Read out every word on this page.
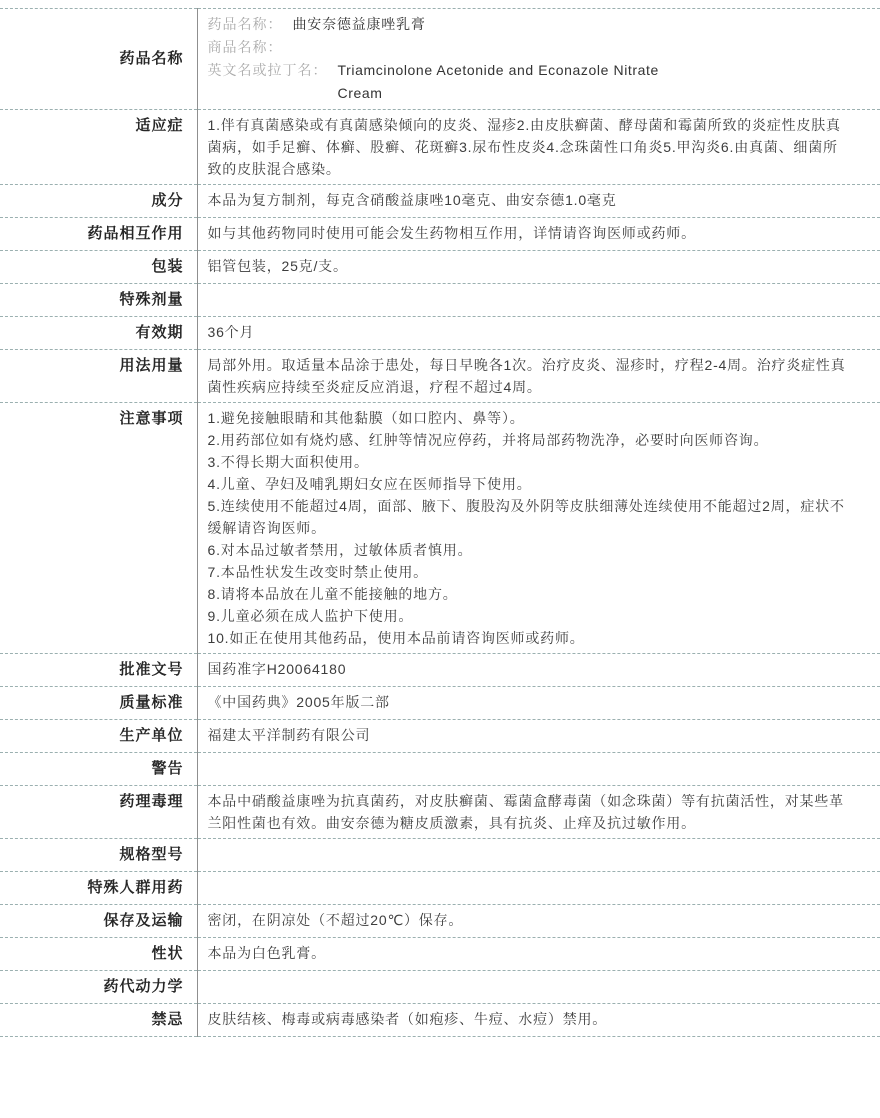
药品名称	药品名称： 曲安奈德益康唑乳膏
商品名称：
英文名或拉丁名： Triamcinolone Acetonide and Econazole Nitrate Cream

适应症	1.伴有真菌感染或有真菌感染倾向的皮炎、湿疹2.由皮肤癣菌、酵母菌和霉菌所致的炎症性皮肤真菌病，如手足癣、体癣、股癣、花斑癣3.尿布性皮炎4.念珠菌性口角炎5.甲沟炎6.由真菌、细菌所致的皮肤混合感染。
成分	本品为复方制剂，每克含硝酸益康唑10毫克、曲安奈德1.0毫克
药品相互作用	如与其他药物同时使用可能会发生药物相互作用，详情请咨询医师或药师。
包装	铝管包装，25克/支。
特殊剂量	
有效期	36个月
用法用量	局部外用。取适量本品涂于患处，每日早晚各1次。治疗皮炎、湿疹时，疗程2-4周。治疗炎症性真菌性疾病应持续至炎症反应消退，疗程不超过4周。
注意事项	1.避免接触眼睛和其他黏膜（如口腔内、鼻等）。
2.用药部位如有烧灼感、红肿等情况应停药，并将局部药物洗净，必要时向医师咨询。
3.不得长期大面积使用。
4.儿童、孕妇及哺乳期妇女应在医师指导下使用。
5.连续使用不能超过4周，面部、腋下、腹股沟及外阴等皮肤细薄处连续使用不能超过2周，症状不缓解请咨询医师。
6.对本品过敏者禁用，过敏体质者慎用。
7.本品性状发生改变时禁止使用。
8.请将本品放在儿童不能接触的地方。
9.儿童必须在成人监护下使用。
10.如正在使用其他药品，使用本品前请咨询医师或药师。

批准文号	国药准字H20064180
质量标准	《中国药典》2005年版二部
生产单位	福建太平洋制药有限公司
警告	
药理毒理	本品中硝酸益康唑为抗真菌药，对皮肤癣菌、霉菌盒酵毒菌（如念珠菌）等有抗菌活性，对某些革兰阳性菌也有效。曲安奈德为糖皮质激素，具有抗炎、止痒及抗过敏作用。
规格型号	
特殊人群用药	
保存及运输	密闭，在阴凉处（不超过20℃）保存。
性状	本品为白色乳膏。
药代动力学	
禁忌	皮肤结核、梅毒或病毒感染者（如疱疹、牛痘、水痘）禁用。
